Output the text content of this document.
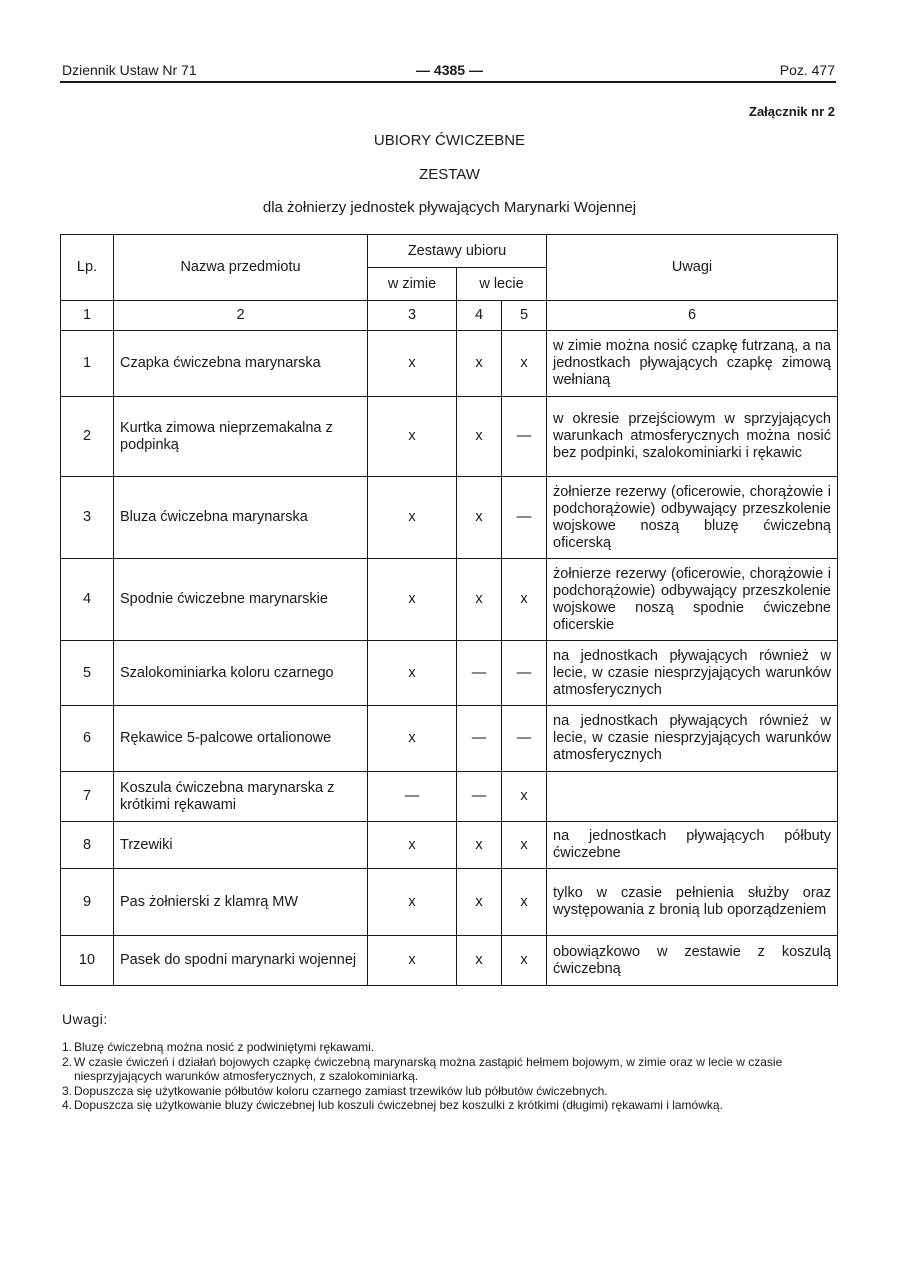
Dziennik Ustaw Nr 71	— 4385 —	Poz. 477
Załącznik nr 2
UBIORY ĆWICZEBNE
ZESTAW
dla żołnierzy jednostek pływających Marynarki Wojennej
Lp.	Nazwa przedmiotu	Zestawy ubioru			Uwagi
		w zimie	w lecie		
1	2	3	4	5	6
1	Czapka ćwiczebna marynarska	x	x	x	w zimie można nosić czapkę futrzaną, a na jednostkach pływających czapkę zimową wełnianą
2	Kurtka zimowa nieprzemakalna z podpinką	x	x	—	w okresie przejściowym w sprzyjających warunkach atmosferycznych można nosić bez podpinki, szalokominiarki i rękawic
3	Bluza ćwiczebna marynarska	x	x	—	żołnierze rezerwy (oficerowie, chorążowie i podchorążowie) odbywający przeszkolenie wojskowe noszą bluzę ćwiczebną oficerską
4	Spodnie ćwiczebne marynarskie	x	x	x	żołnierze rezerwy (oficerowie, chorążowie i podchorążowie) odbywający przeszkolenie wojskowe noszą spodnie ćwiczebne oficerskie
5	Szalokominiarka koloru czarnego	x	—	—	na jednostkach pływających również w lecie, w czasie niesprzyjających warunków atmosferycznych
6	Rękawice 5-palcowe ortalionowe	x	—	—	na jednostkach pływających również w lecie, w czasie niesprzyjających warunków atmosferycznych
7	Koszula ćwiczebna marynarska z krótkimi rękawami	—	—	x	
8	Trzewiki	x	x	x	na jednostkach pływających półbuty ćwiczebne
9	Pas żołnierski z klamrą MW	x	x	x	tylko w czasie pełnienia służby oraz występowania z bronią lub oporządzeniem
10	Pasek do spodni marynarki wojennej	x	x	x	obowiązkowo w zestawie z koszulą ćwiczebną
Uwagi:
1. Bluzę ćwiczebną można nosić z podwiniętymi rękawami.
2. W czasie ćwiczeń i działań bojowych czapkę ćwiczebną marynarską można zastąpić hełmem bojowym, w zimie oraz w lecie w czasie niesprzyjających warunków atmosferycznych, z szalokominiarką.
3. Dopuszcza się użytkowanie półbutów koloru czarnego zamiast trzewików lub półbutów ćwiczebnych.
4. Dopuszcza się użytkowanie bluzy ćwiczebnej lub koszuli ćwiczebnej bez koszulki z krótkimi (długimi) rękawami i lamówką.
